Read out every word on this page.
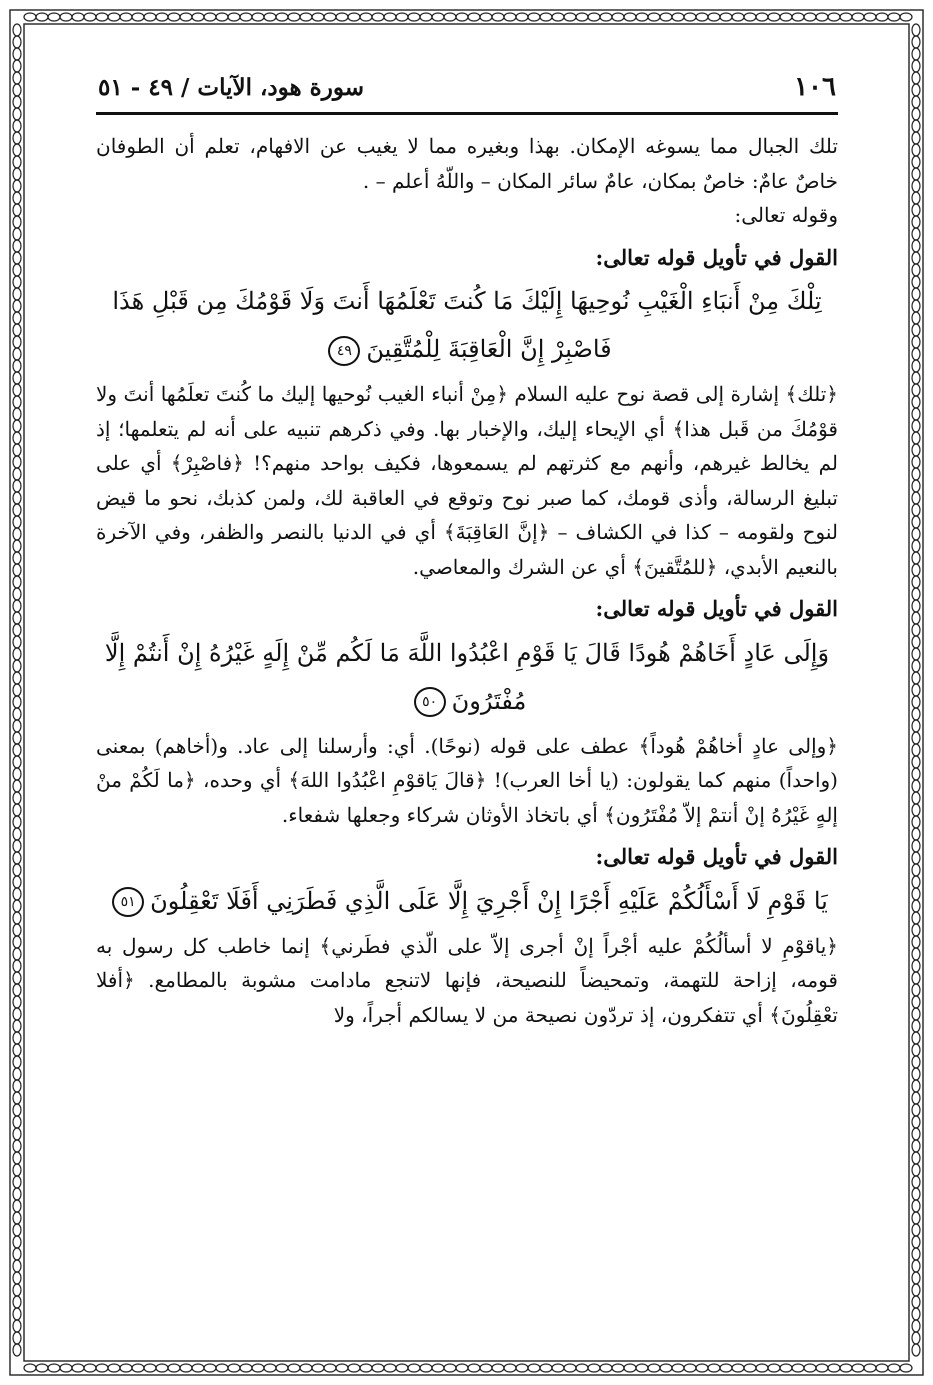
١٠٦
سورة هود، الآيات / ٤٩ - ٥١

تلك الجبال مما يسوغه الإمكان. بهذا وبغيره مما لا يغيب عن الافهام، تعلم أن الطوفان خاصٌ عامٌ: خاصٌ بمكان، عامٌ سائر المكان – واللّهُ أعلم – .

وقوله تعالى:

القول في تأويل قوله تعالى:

تِلْكَ مِنْ أَنبَاءِ الْغَيْبِ نُوحِيهَا إِلَيْكَ مَا كُنتَ تَعْلَمُهَا أَنتَ وَلَا قَوْمُكَ مِن قَبْلِ هَذَا فَاصْبِرْ إِنَّ الْعَاقِبَةَ لِلْمُتَّقِينَ٤٩

﴿تلك﴾ إشارة إلى قصة نوح عليه السلام ﴿مِنْ أنباء الغيب نُوحيها إليك ما كُنتَ تعلَمُها أنتَ ولا قوْمُكَ من قَبل هذا﴾ أي الإيحاء إليك، والإخبار بها. وفي ذكرهم تنبيه على أنه لم يتعلمها؛ إذ لم يخالط غيرهم، وأنهم مع كثرتهم لم يسمعوها، فكيف بواحد منهم؟! ﴿فاصْبِرْ﴾ أي على تبليغ الرسالة، وأذى قومك، كما صبر نوح وتوقع في العاقبة لك، ولمن كذبك، نحو ما قيض لنوح ولقومه – كذا في الكشاف – ﴿إنَّ العَاقِبَةَ﴾ أي في الدنيا بالنصر والظفر، وفي الآخرة بالنعيم الأبدي، ﴿للمُتَّقينَ﴾ أي عن الشرك والمعاصي.

القول في تأويل قوله تعالى:

وَإِلَى عَادٍ أَخَاهُمْ هُودًا قَالَ يَا قَوْمِ اعْبُدُوا اللَّهَ مَا لَكُم مِّنْ إِلَهٍ غَيْرُهُ إِنْ أَنتُمْ إِلَّا مُفْتَرُونَ٥٠

﴿وإلى عادٍ أخاهُمْ هُوداً﴾ عطف على قوله (نوحًا). أي: وأرسلنا إلى عاد. و(أخاهم) بمعنى (واحداً) منهم كما يقولون: (يا أخا العرب)! ﴿قالَ يَاقوْمِ اعْبُدُوا اللهَ﴾ أي وحده، ﴿ما لَكُمْ منْ إلهٍ غَيْرُهُ إنْ أنتمْ إلاّ مُفْتَرُون﴾ أي باتخاذ الأوثان شركاء وجعلها شفعاء.

القول في تأويل قوله تعالى:

يَا قَوْمِ لَا أَسْأَلُكُمْ عَلَيْهِ أَجْرًا إِنْ أَجْرِيَ إِلَّا عَلَى الَّذِي فَطَرَنِي أَفَلَا تَعْقِلُونَ٥١

﴿ياقوْمِ لا أسألُكُمْ عليه أجْراً إنْ أجرى إلاّ على الّذي فطَرني﴾ إنما خاطب كل رسول به قومه، إزاحة للتهمة، وتمحيضاً للنصيحة، فإنها لاتنجع مادامت مشوبة بالمطامع. ﴿أفلا تعْقِلُونَ﴾ أي تتفكرون، إذ تردّون نصيحة من لا يسالكم أجراً، ولا
